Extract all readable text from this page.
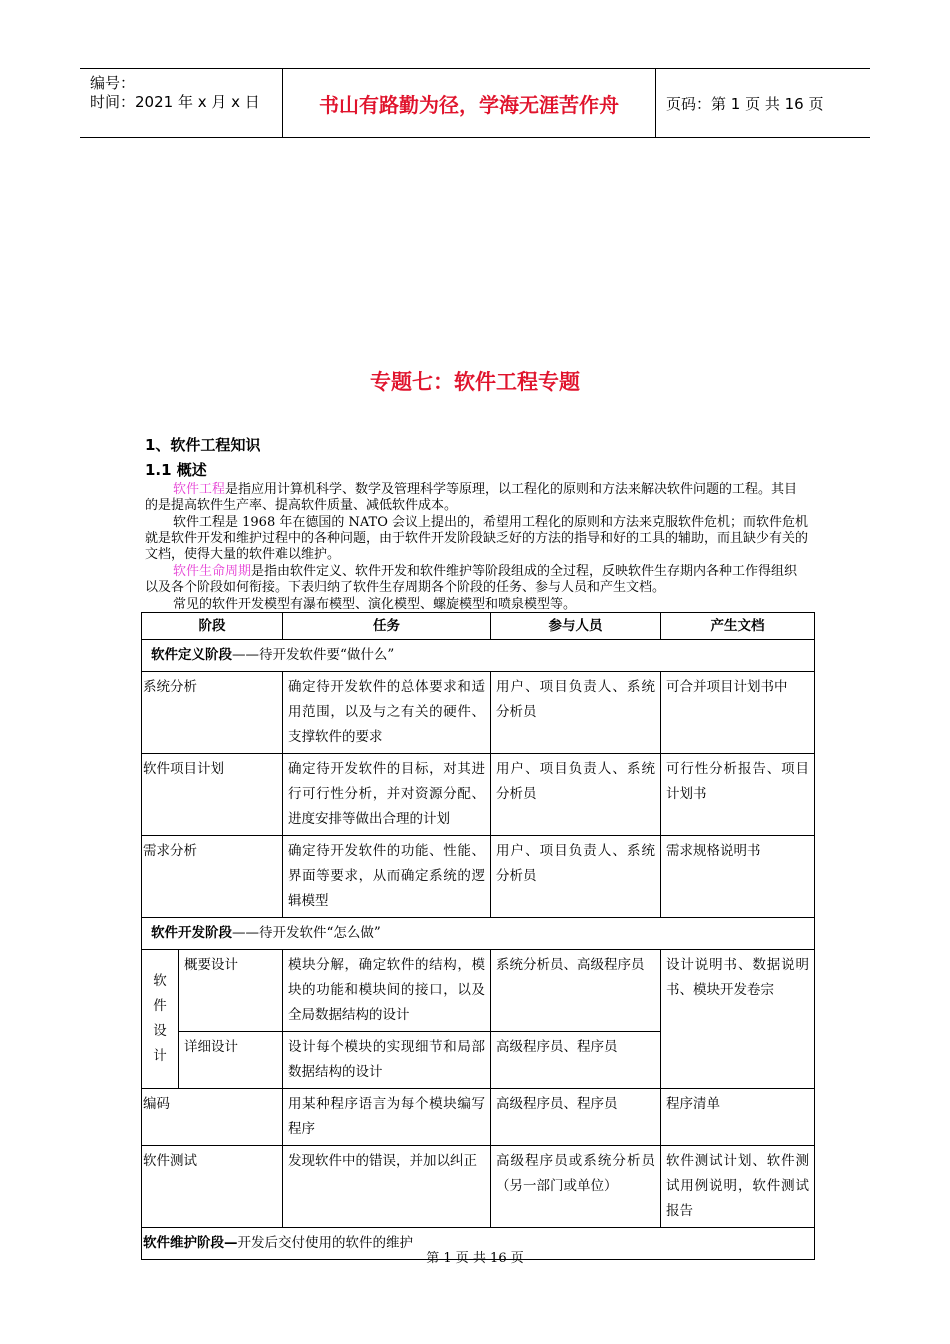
编号：
时间：2021 年 x 月 x 日	书山有路勤为径，学海无涯苦作舟	页码：第 1 页 共 16 页
专题七：软件工程专题
1、软件工程知识
1.1 概述
软件工程是指应用计算机科学、数学及管理科学等原理，以工程化的原则和方法来解决软件问题的工程。其目的是提高软件生产率、提高软件质量、减低软件成本。
软件工程是 1968 年在德国的 NATO 会议上提出的，希望用工程化的原则和方法来克服软件危机；而软件危机就是软件开发和维护过程中的各种问题，由于软件开发阶段缺乏好的方法的指导和好的工具的辅助，而且缺少有关的文档，使得大量的软件难以维护。
软件生命周期是指由软件定义、软件开发和软件维护等阶段组成的全过程，反映软件生存期内各种工作得组织以及各个阶段如何衔接。下表归纳了软件生存周期各个阶段的任务、参与人员和产生文档。
常见的软件开发模型有瀑布模型、演化模型、螺旋模型和喷泉模型等。
阶段		任务	参与人员	产生文档
软件定义阶段——待开发软件要“做什么”				
系统分析		确定待开发软件的总体要求和适用范围，以及与之有关的硬件、支撑软件的要求	用户、项目负责人、系统分析员	可合并项目计划书中
软件项目计划		确定待开发软件的目标，对其进行可行性分析，并对资源分配、进度安排等做出合理的计划	用户、项目负责人、系统分析员	可行性分析报告、项目计划书
需求分析		确定待开发软件的功能、性能、界面等要求，从而确定系统的逻辑模型	用户、项目负责人、系统分析员	需求规格说明书
软件开发阶段——待开发软件“怎么做”				
软
件
设
计	概要设计	模块分解，确定软件的结构，模块的功能和模块间的接口，以及全局数据结构的设计	系统分析员、高级程序员	设计说明书、数据说明书、模块开发卷宗
	详细设计	设计每个模块的实现细节和局部数据结构的设计	高级程序员、程序员	
编码		用某种程序语言为每个模块编写程序	高级程序员、程序员	程序清单
软件测试		发现软件中的错误，并加以纠正	高级程序员或系统分析员（另一部门或单位）	软件测试计划、软件测试用例说明，软件测试报告
软件维护阶段—开发后交付使用的软件的维护				
第 1 页 共 16 页
